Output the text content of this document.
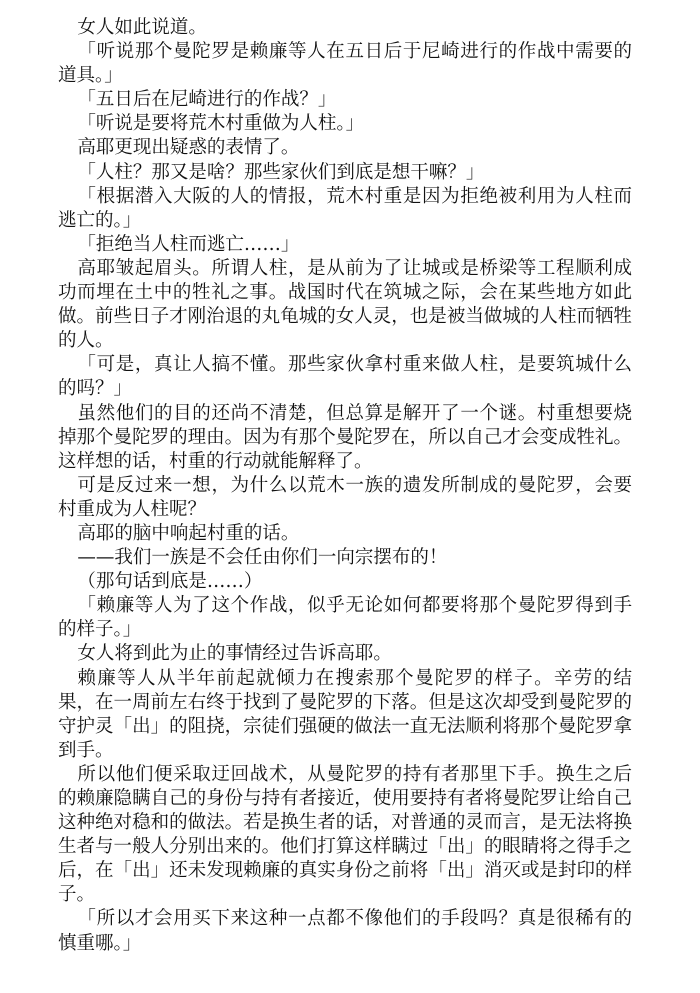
女人如此说道。

「听说那个曼陀罗是赖廉等人在五日后于尼崎进行的作战中需要的道具。」

「五日后在尼崎进行的作战？」

「听说是要将荒木村重做为人柱。」

高耶更现出疑惑的表情了。

「人柱？那又是啥？那些家伙们到底是想干嘛？」

「根据潜入大阪的人的情报，荒木村重是因为拒绝被利用为人柱而逃亡的。」

「拒绝当人柱而逃亡……」

高耶皱起眉头。所谓人柱，是从前为了让城或是桥梁等工程顺利成功而埋在土中的牲礼之事。战国时代在筑城之际，会在某些地方如此做。前些日子才刚治退的丸龟城的女人灵，也是被当做城的人柱而牺牲的人。

「可是，真让人搞不懂。那些家伙拿村重来做人柱，是要筑城什么的吗？」

虽然他们的目的还尚不清楚，但总算是解开了一个谜。村重想要烧掉那个曼陀罗的理由。因为有那个曼陀罗在，所以自己才会变成牲礼。这样想的话，村重的行动就能解释了。

可是反过来一想，为什么以荒木一族的遗发所制成的曼陀罗，会要村重成为人柱呢？

高耶的脑中响起村重的话。

——我们一族是不会任由你们一向宗摆布的！

（那句话到底是……）

「赖廉等人为了这个作战，似乎无论如何都要将那个曼陀罗得到手的样子。」

女人将到此为止的事情经过告诉高耶。

赖廉等人从半年前起就倾力在搜索那个曼陀罗的样子。辛劳的结果，在一周前左右终于找到了曼陀罗的下落。但是这次却受到曼陀罗的守护灵「出」的阻挠，宗徒们强硬的做法一直无法顺利将那个曼陀罗拿到手。

所以他们便采取迂回战术，从曼陀罗的持有者那里下手。换生之后的赖廉隐瞒自己的身份与持有者接近，使用要持有者将曼陀罗让给自己这种绝对稳和的做法。若是换生者的话，对普通的灵而言，是无法将换生者与一般人分别出来的。他们打算这样瞒过「出」的眼睛将之得手之后，在「出」还未发现赖廉的真实身份之前将「出」消灭或是封印的样子。

「所以才会用买下来这种一点都不像他们的手段吗？真是很稀有的慎重哪。」
